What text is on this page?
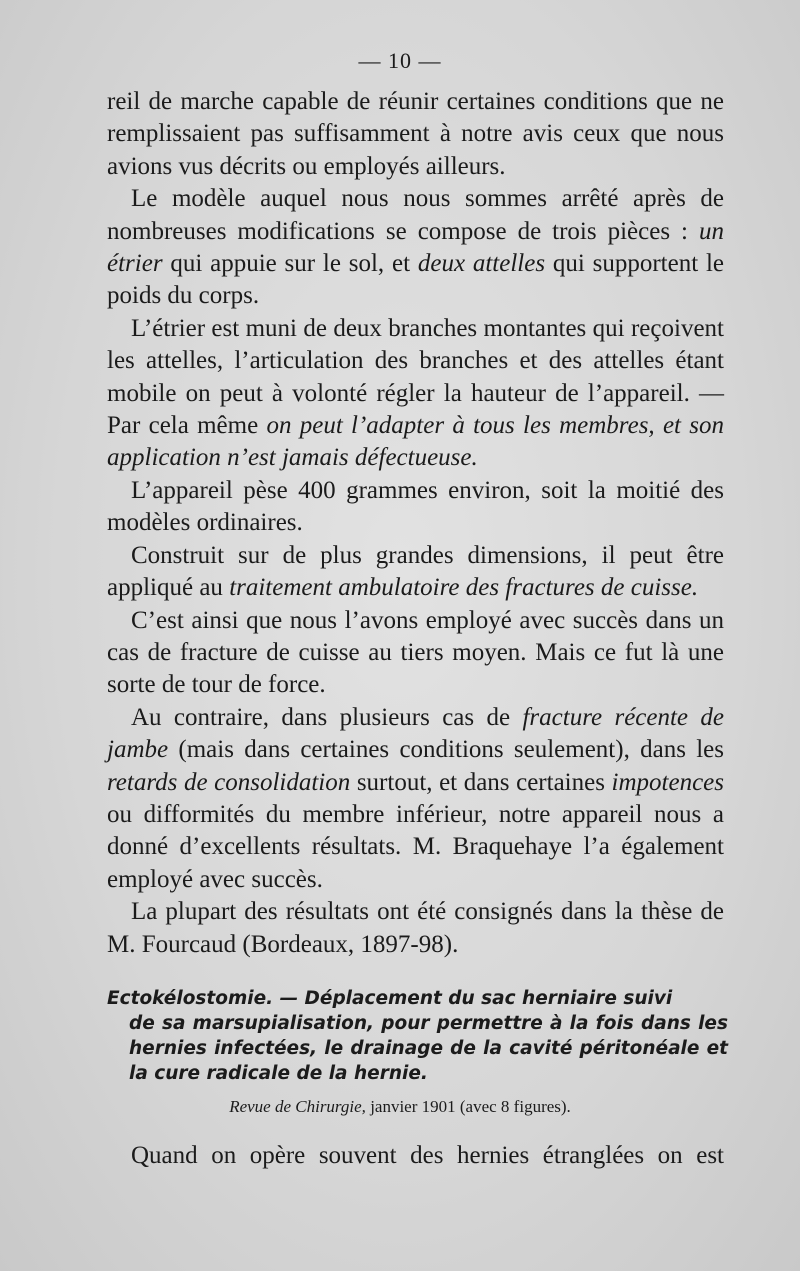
— 10 —

reil de marche capable de réunir certaines conditions que ne remplissaient pas suffisamment à notre avis ceux que nous avions vus décrits ou employés ailleurs.

Le modèle auquel nous nous sommes arrêté après de nombreuses modifications se compose de trois pièces : un étrier qui appuie sur le sol, et deux attelles qui supportent le poids du corps.

L’étrier est muni de deux branches montantes qui reçoivent les attelles, l’articulation des branches et des attelles étant mobile on peut à volonté régler la hauteur de l’appareil. — Par cela même on peut l’adapter à tous les membres, et son application n’est jamais défectueuse.

L’appareil pèse 400 grammes environ, soit la moitié des modèles ordinaires.

Construit sur de plus grandes dimensions, il peut être appliqué au traitement ambulatoire des fractures de cuisse.

C’est ainsi que nous l’avons employé avec succès dans un cas de fracture de cuisse au tiers moyen. Mais ce fut là une sorte de tour de force.

Au contraire, dans plusieurs cas de fracture récente de jambe (mais dans certaines conditions seulement), dans les retards de consolidation surtout, et dans certaines impotences ou difformités du membre inférieur, notre appareil nous a donné d’excellents résultats. M. Braquehaye l’a également employé avec succès.

La plupart des résultats ont été consignés dans la thèse de M. Fourcaud (Bordeaux, 1897-98).

Ectokélostomie. — Déplacement du sac herniaire suivi
de sa marsupialisation, pour permettre à la fois dans les hernies infectées, le drainage de la cavité péritonéale et la cure radicale de la hernie.
Revue de Chirurgie, janvier 1901 (avec 8 figures).
Quand on opère souvent des hernies étranglées on est
